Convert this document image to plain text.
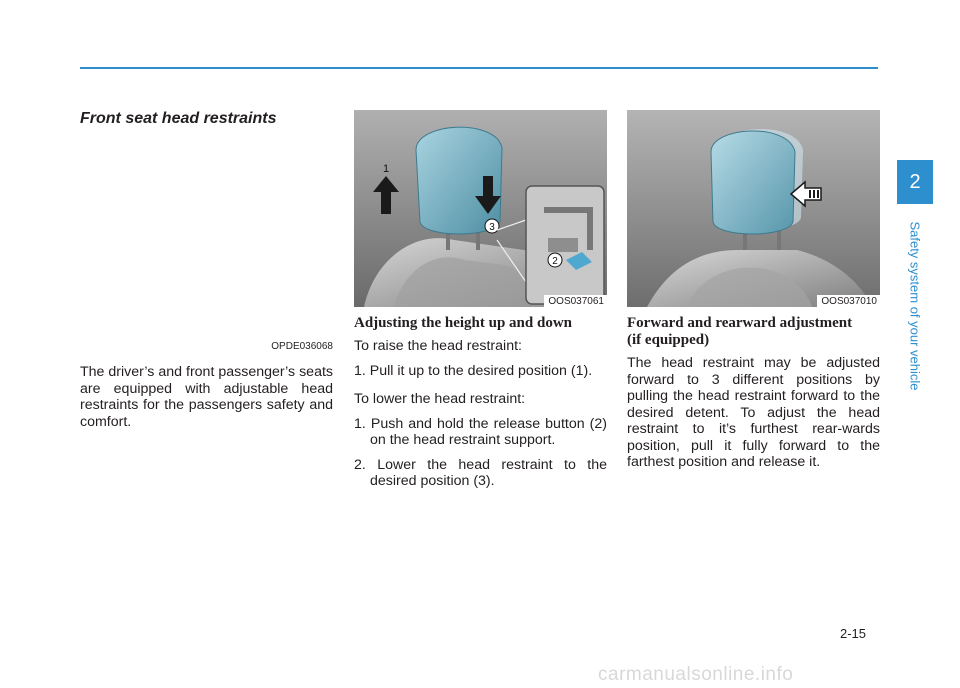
Front seat head restraints
OPDE036068

The driver’s and front passenger’s seats are equipped with adjustable head restraints for the passengers safety and comfort.

1
3
2
OOS037061
Adjusting the height up and down

To raise the head restraint:

1. Pull it up to the desired position (1).

To lower the head restraint:

1. Push and hold the release button (2) on the head restraint support.
2. Lower the head restraint to the desired position (3).
OOS037010
Forward and rearward adjustment
(if equipped)

The head restraint may be adjusted forward to 3 different positions by pulling the head restraint forward to the desired detent. To adjust the head restraint to it’s furthest rear-wards position, pull it fully forward to the farthest position and release it.

2
Safety system of your vehicle
2-15
carmanualsonline.info
